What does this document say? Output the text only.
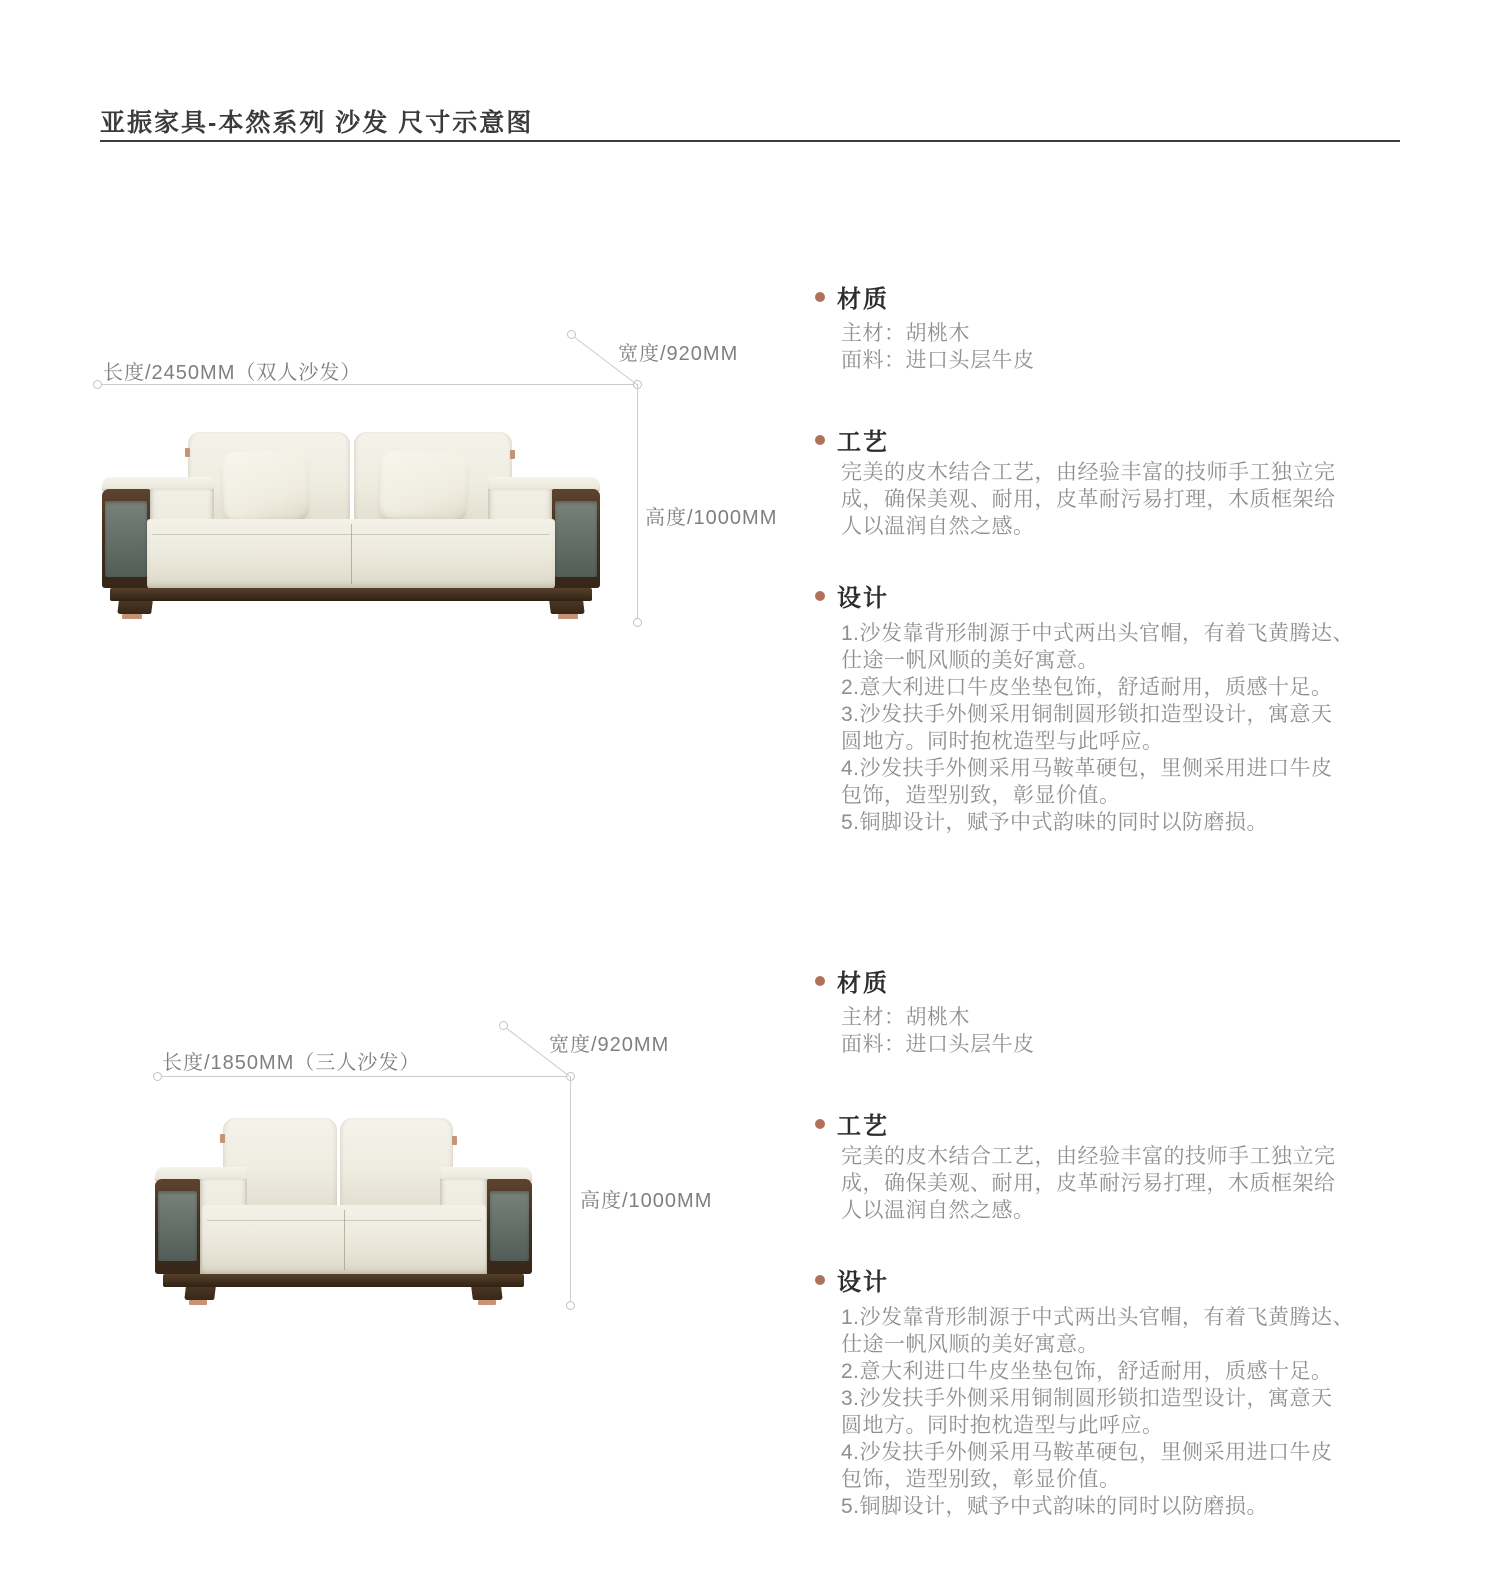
亚振家具-本然系列 沙发 尺寸示意图
长度/2450MM（双人沙发）
宽度/920MM
高度/1000MM
材质
主材：胡桃木
面料：进口头层牛皮
工艺
完美的皮木结合工艺，由经验丰富的技师手工独立完
成，确保美观、耐用，皮革耐污易打理，木质框架给
人以温润自然之感。
设计
1.沙发靠背形制源于中式两出头官帽，有着飞黄腾达、
仕途一帆风顺的美好寓意。
2.意大利进口牛皮坐垫包饰，舒适耐用，质感十足。
3.沙发扶手外侧采用铜制圆形锁扣造型设计，寓意天
圆地方。同时抱枕造型与此呼应。
4.沙发扶手外侧采用马鞍革硬包，里侧采用进口牛皮
包饰，造型别致，彰显价值。
5.铜脚设计，赋予中式韵味的同时以防磨损。
长度/1850MM（三人沙发）
宽度/920MM
高度/1000MM
材质
主材：胡桃木
面料：进口头层牛皮
工艺
完美的皮木结合工艺，由经验丰富的技师手工独立完
成，确保美观、耐用，皮革耐污易打理，木质框架给
人以温润自然之感。
设计
1.沙发靠背形制源于中式两出头官帽，有着飞黄腾达、
仕途一帆风顺的美好寓意。
2.意大利进口牛皮坐垫包饰，舒适耐用，质感十足。
3.沙发扶手外侧采用铜制圆形锁扣造型设计，寓意天
圆地方。同时抱枕造型与此呼应。
4.沙发扶手外侧采用马鞍革硬包，里侧采用进口牛皮
包饰，造型别致，彰显价值。
5.铜脚设计，赋予中式韵味的同时以防磨损。
